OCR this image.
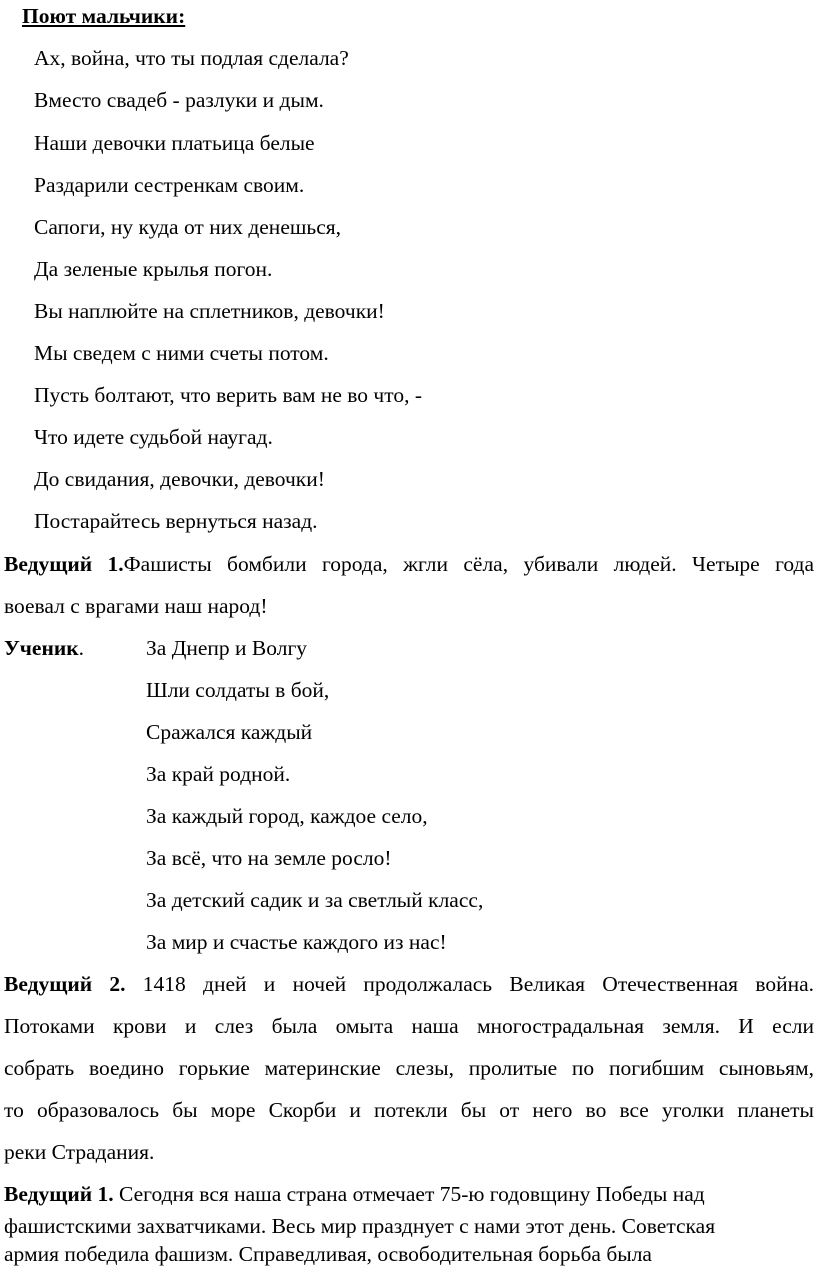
Поют мальчики:
Ах, война, что ты подлая сделала?
Вместо свадеб - разлуки и дым.
Наши девочки платьица белые
Раздарили сестренкам своим.
Сапоги, ну куда от них денешься,
Да зеленые крылья погон.
Вы наплюйте на сплетников, девочки!
Мы сведем с ними счеты потом.
Пусть болтают, что верить вам не во что, -
Что идете судьбой наугад.
До свидания, девочки, девочки!
Постарайтесь вернуться назад.
Ведущий 1.Фашисты бомбили города, жгли сёла, убивали людей. Четыре года
воевал с врагами наш народ!
Ученик.	За Днепр и Волгу
Шли солдаты в бой,
Сражался каждый
За край родной.
За каждый город, каждое село,
За всё, что на земле росло!
За детский садик и за светлый класс,
За мир и счастье каждого из нас!
Ведущий 2. 1418 дней и ночей продолжалась Великая Отечественная война.
Потоками крови и слез была омыта наша многострадальная земля. И если
собрать воедино горькие материнские слезы, пролитые по погибшим сыновьям,
то образовалось бы море Скорби и потекли бы от него во все уголки планеты
реки Страдания.
Ведущий 1. Сегодня вся наша страна отмечает 75-ю годовщину Победы над
фашистскими захватчиками. Весь мир празднует с нами этот день. Советская
армия победила фашизм. Справедливая, освободительная борьба была
